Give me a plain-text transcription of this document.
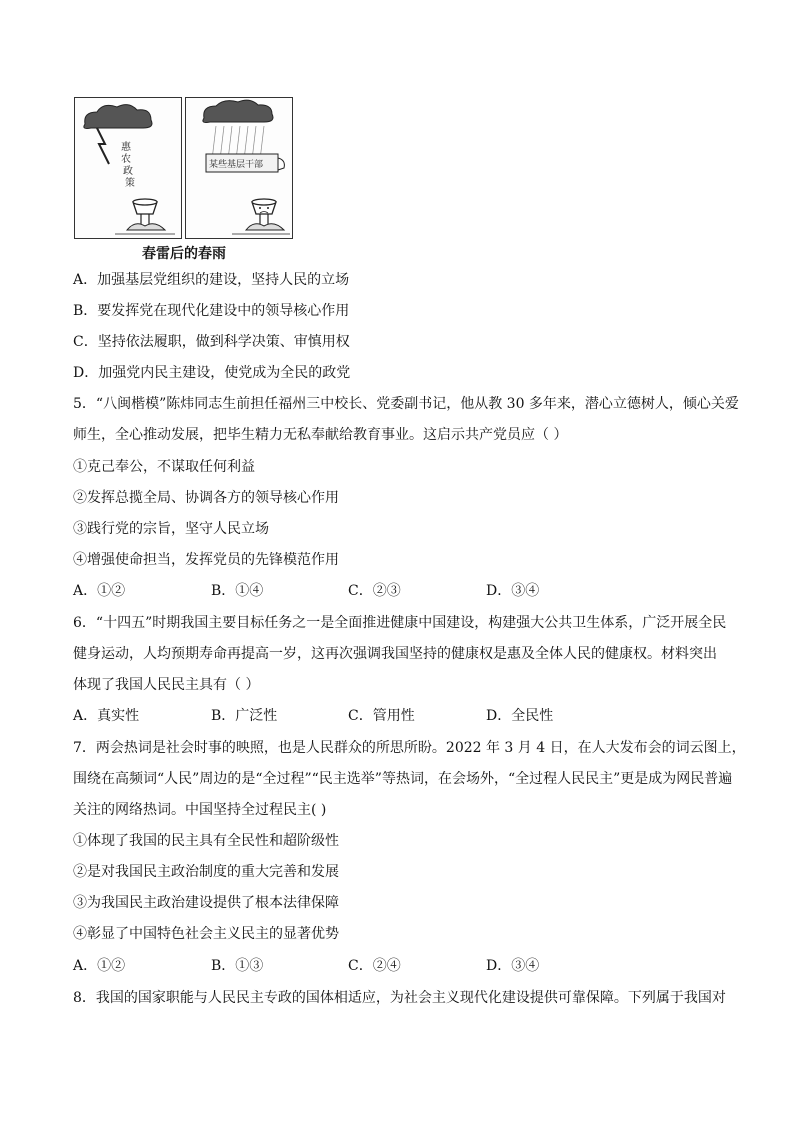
惠 农 政 策
某些基层干部
春雷后的春雨
A．加强基层党组织的建设，坚持人民的立场
B．要发挥党在现代化建设中的领导核心作用
C．坚持依法履职，做到科学决策、审慎用权
D．加强党内民主建设，使党成为全民的政党
5．“八闽楷模”陈炜同志生前担任福州三中校长、党委副书记，他从教 30 多年来，潜心立德树人，倾心关爱
师生，全心推动发展，把毕生精力无私奉献给教育事业。这启示共产党员应（ ）
①克己奉公，不谋取任何利益
②发挥总揽全局、协调各方的领导核心作用
③践行党的宗旨，坚守人民立场
④增强使命担当，发挥党员的先锋模范作用
A．①②	B．①④	C．②③	D．③④
6．“十四五”时期我国主要目标任务之一是全面推进健康中国建设，构建强大公共卫生体系，广泛开展全民
健身运动，人均预期寿命再提高一岁，这再次强调我国坚持的健康权是惠及全体人民的健康权。材料突出
体现了我国人民民主具有（ ）
A．真实性	B．广泛性	C．管用性	D．全民性
7．两会热词是社会时事的映照，也是人民群众的所思所盼。2022 年 3 月 4 日，在人大发布会的词云图上，
围绕在高频词“人民”周边的是“全过程”“民主选举”等热词，在会场外，“全过程人民民主”更是成为网民普遍
关注的网络热词。中国坚持全过程民主( )
①体现了我国的民主具有全民性和超阶级性
②是对我国民主政治制度的重大完善和发展
③为我国民主政治建设提供了根本法律保障
④彰显了中国特色社会主义民主的显著优势
A．①②	B．①③	C．②④	D．③④
8．我国的国家职能与人民民主专政的国体相适应，为社会主义现代化建设提供可靠保障。下列属于我国对
